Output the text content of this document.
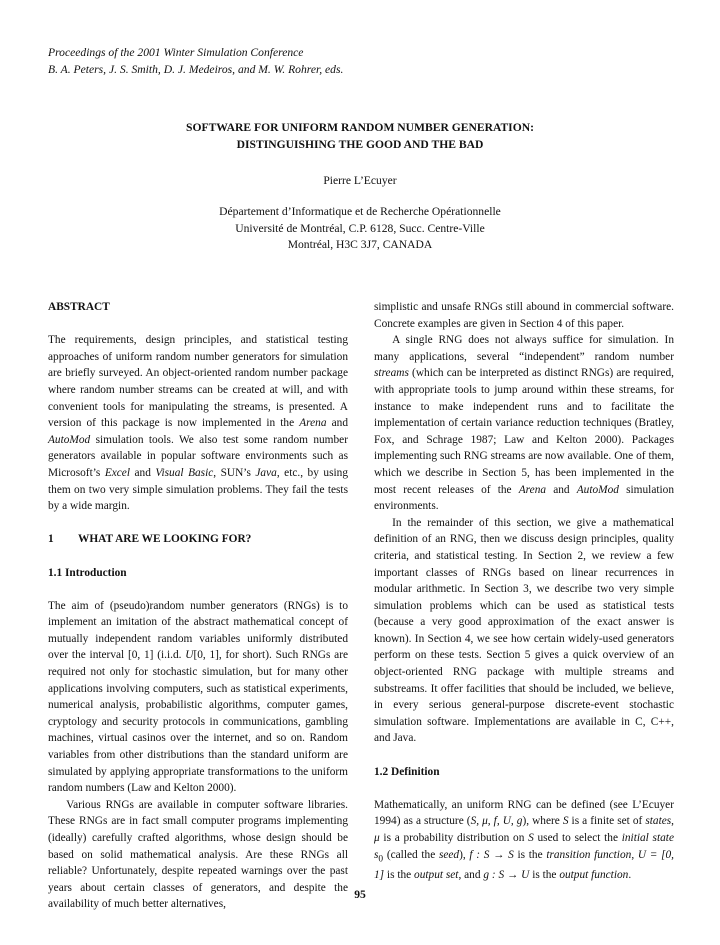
Proceedings of the 2001 Winter Simulation Conference
B. A. Peters, J. S. Smith, D. J. Medeiros, and M. W. Rohrer, eds.
SOFTWARE FOR UNIFORM RANDOM NUMBER GENERATION:
DISTINGUISHING THE GOOD AND THE BAD
Pierre L’Ecuyer
Département d’Informatique et de Recherche Opérationnelle
Université de Montréal, C.P. 6128, Succ. Centre-Ville
Montréal, H3C 3J7, CANADA
ABSTRACT

The requirements, design principles, and statistical testing approaches of uniform random number generators for simulation are briefly surveyed. An object-oriented random number package where random number streams can be created at will, and with convenient tools for manipulating the streams, is presented. A version of this package is now implemented in the Arena and AutoMod simulation tools. We also test some random number generators available in popular software environments such as Microsoft’s Excel and Visual Basic, SUN’s Java, etc., by using them on two very simple simulation problems. They fail the tests by a wide margin.

1 WHAT ARE WE LOOKING FOR?
1.1 Introduction

The aim of (pseudo)random number generators (RNGs) is to implement an imitation of the abstract mathematical concept of mutually independent random variables uniformly distributed over the interval [0, 1] (i.i.d. U[0, 1], for short). Such RNGs are required not only for stochastic simulation, but for many other applications involving computers, such as statistical experiments, numerical analysis, probabilistic algorithms, computer games, cryptology and security protocols in communications, gambling machines, virtual casinos over the internet, and so on. Random variables from other distributions than the standard uniform are simulated by applying appropriate transformations to the uniform random numbers (Law and Kelton 2000).

Various RNGs are available in computer software libraries. These RNGs are in fact small computer programs implementing (ideally) carefully crafted algorithms, whose design should be based on solid mathematical analysis. Are these RNGs all reliable? Unfortunately, despite repeated warnings over the past years about certain classes of generators, and despite the availability of much better alternatives,

simplistic and unsafe RNGs still abound in commercial software. Concrete examples are given in Section 4 of this paper.

A single RNG does not always suffice for simulation. In many applications, several “independent” random number streams (which can be interpreted as distinct RNGs) are required, with appropriate tools to jump around within these streams, for instance to make independent runs and to facilitate the implementation of certain variance reduction techniques (Bratley, Fox, and Schrage 1987; Law and Kelton 2000). Packages implementing such RNG streams are now available. One of them, which we describe in Section 5, has been implemented in the most recent releases of the Arena and AutoMod simulation environments.

In the remainder of this section, we give a mathematical definition of an RNG, then we discuss design principles, quality criteria, and statistical testing. In Section 2, we review a few important classes of RNGs based on linear recurrences in modular arithmetic. In Section 3, we describe two very simple simulation problems which can be used as statistical tests (because a very good approximation of the exact answer is known). In Section 4, we see how certain widely-used generators perform on these tests. Section 5 gives a quick overview of an object-oriented RNG package with multiple streams and substreams. It offer facilities that should be included, we believe, in every serious general-purpose discrete-event stochastic simulation software. Implementations are available in C, C++, and Java.

1.2 Definition

Mathematically, an uniform RNG can be defined (see L’Ecuyer 1994) as a structure (S, μ, f, U, g), where S is a finite set of states, μ is a probability distribution on S used to select the initial state $s_0$ (called the seed), f : S → S is the transition function, U = [0, 1] is the output set, and g : S → U is the output function.

95
